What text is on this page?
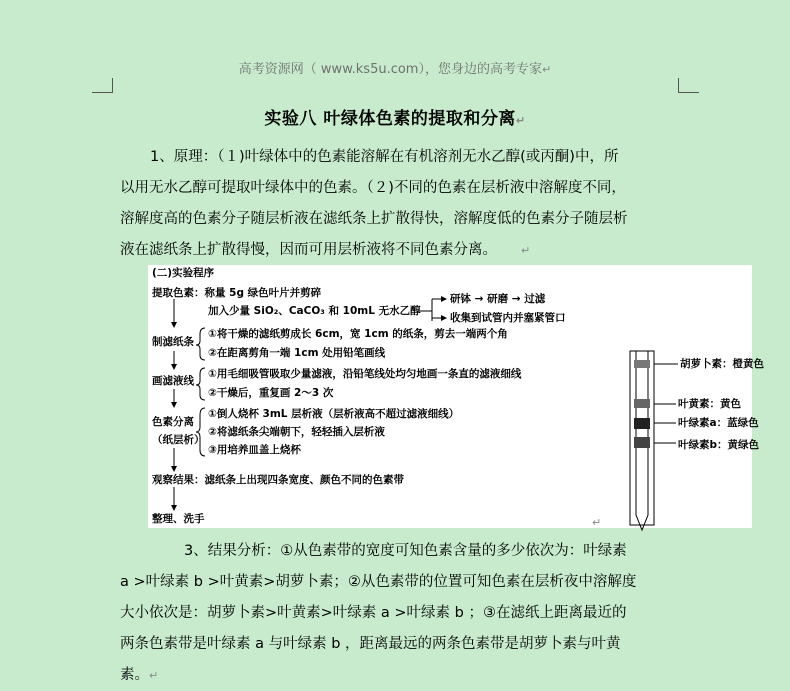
高考资源网（ www.ks5u.com），您身边的高考专家↵
实验八 叶绿体色素的提取和分离↵
1、原理：（１)叶绿体中的色素能溶解在有机溶剂无水乙醇(或丙酮)中，所
以用无水乙醇可提取叶绿体中的色素。（２)不同的色素在层析液中溶解度不同，
溶解度高的色素分子随层析液在滤纸条上扩散得快，溶解度低的色素分子随层析
液在滤纸条上扩散得慢，因而可用层析液将不同色素分离。 ↵
(二)实验程序
提取色素：称量 5g 绿色叶片并剪碎
加入少量 SiO₂、CaCO₃ 和 10mL 无水乙醇
研钵 → 研磨 → 过滤
收集到试管内并塞紧管口
制滤纸条
①将干燥的滤纸剪成长 6cm，宽 1cm 的纸条，剪去一端两个角
②在距离剪角一端 1cm 处用铅笔画线
画滤液线
①用毛细吸管吸取少量滤液，沿铅笔线处均匀地画一条直的滤液细线
②干燥后，重复画 2～3 次
色素分离
（纸层析）
①倒人烧杯 3mL 层析液（层析液高不超过滤液细线）
②将滤纸条尖端朝下，轻轻插入层析液
③用培养皿盖上烧杯
观察结果：滤纸条上出现四条宽度、颜色不同的色素带
整理、洗手
胡萝卜素：橙黄色
叶黄素：黄色
叶绿素a：蓝绿色
叶绿素b：黄绿色
↵
3、结果分析：①从色素带的宽度可知色素含量的多少依次为：叶绿素
a >叶绿素 b >叶黄素>胡萝卜素；②从色素带的位置可知色素在层析夜中溶解度
大小依次是：胡萝卜素>叶黄素>叶绿素 a >叶绿素 b ；③在滤纸上距离最近的
两条色素带是叶绿素 a 与叶绿素 b ，距离最远的两条色素带是胡萝卜素与叶黄
素。↵
